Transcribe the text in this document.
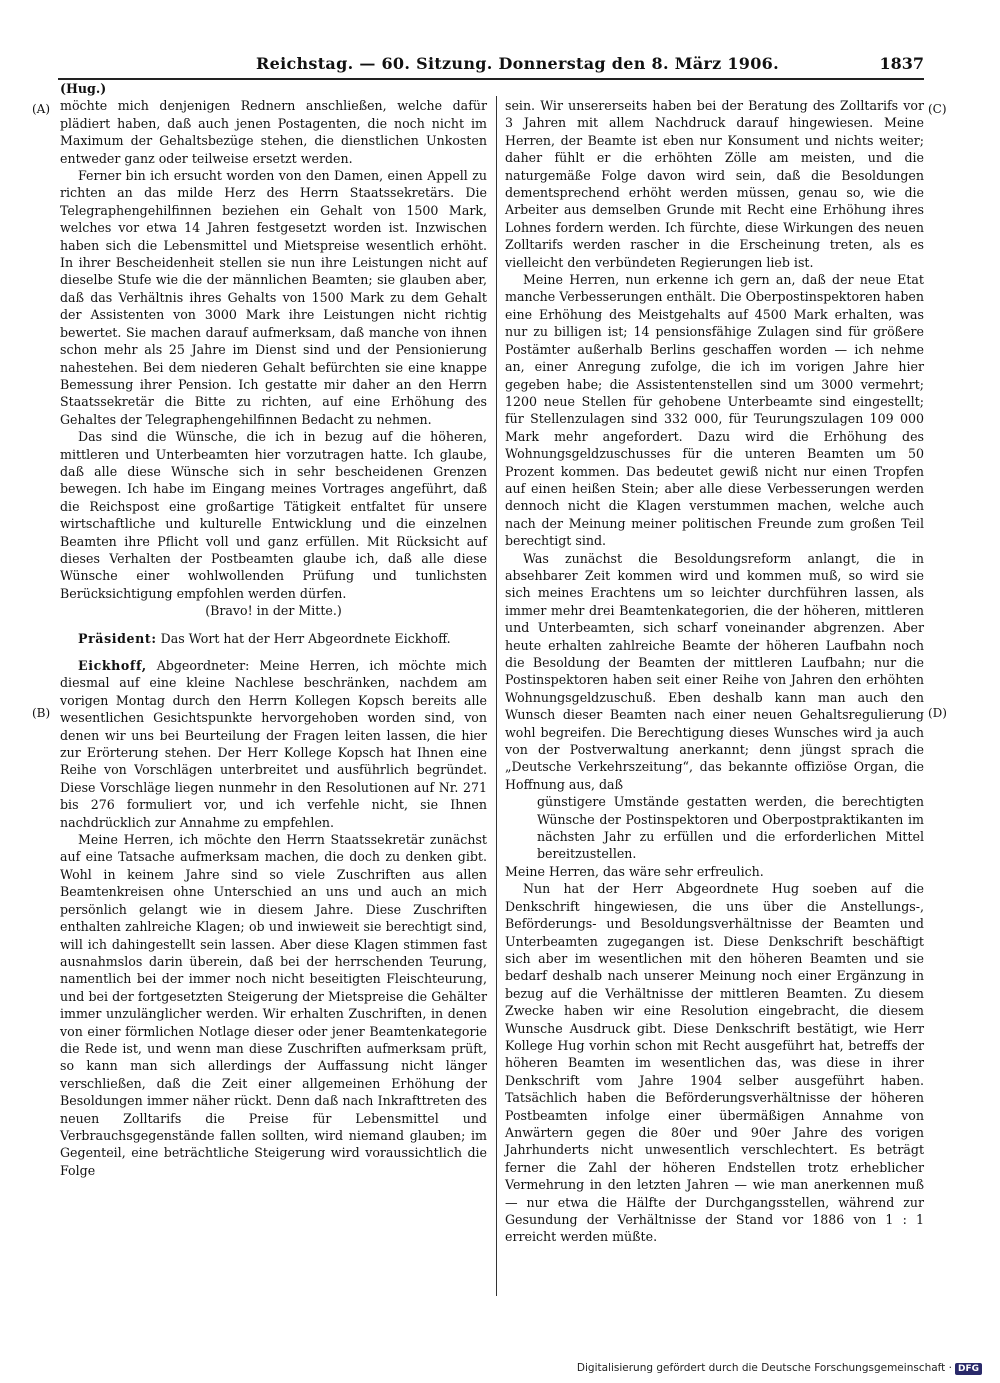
Reichstag. — 60. Sitzung. Donnerstag den 8. März 1906.	1837
(A)
(B)
(C)
(D)

(Hug.)

möchte mich denjenigen Rednern anschließen, welche dafür plädiert haben, daß auch jenen Postagenten, die noch nicht im Maximum der Gehaltsbezüge stehen, die dienstlichen Unkosten entweder ganz oder teilweise ersetzt werden.

Ferner bin ich ersucht worden von den Damen, einen Appell zu richten an das milde Herz des Herrn Staatssekretärs. Die Telegraphengehilfinnen beziehen ein Gehalt von 1500 Mark, welches vor etwa 14 Jahren festgesetzt worden ist. Inzwischen haben sich die Lebensmittel und Mietspreise wesentlich erhöht. In ihrer Bescheidenheit stellen sie nun ihre Leistungen nicht auf dieselbe Stufe wie die der männlichen Beamten; sie glauben aber, daß das Verhältnis ihres Gehalts von 1500 Mark zu dem Gehalt der Assistenten von 3000 Mark ihre Leistungen nicht richtig bewertet. Sie machen darauf aufmerksam, daß manche von ihnen schon mehr als 25 Jahre im Dienst sind und der Pensionierung nahestehen. Bei dem niederen Gehalt befürchten sie eine knappe Bemessung ihrer Pension. Ich gestatte mir daher an den Herrn Staatssekretär die Bitte zu richten, auf eine Erhöhung des Gehaltes der Telegraphengehilfinnen Bedacht zu nehmen.

Das sind die Wünsche, die ich in bezug auf die höheren, mittleren und Unterbeamten hier vorzutragen hatte. Ich glaube, daß alle diese Wünsche sich in sehr bescheidenen Grenzen bewegen. Ich habe im Eingang meines Vortrages angeführt, daß die Reichspost eine großartige Tätigkeit entfaltet für unsere wirtschaftliche und kulturelle Entwicklung und die einzelnen Beamten ihre Pflicht voll und ganz erfüllen. Mit Rücksicht auf dieses Verhalten der Postbeamten glaube ich, daß alle diese Wünsche einer wohlwollenden Prüfung und tunlichsten Berücksichtigung empfohlen werden dürfen.

(Bravo! in der Mitte.)

Präsident: Das Wort hat der Herr Abgeordnete Eickhoff.

Eickhoff, Abgeordneter: Meine Herren, ich möchte mich diesmal auf eine kleine Nachlese beschränken, nachdem am vorigen Montag durch den Herrn Kollegen Kopsch bereits alle wesentlichen Gesichtspunkte hervorgehoben worden sind, von denen wir uns bei Beurteilung der Fragen leiten lassen, die hier zur Erörterung stehen. Der Herr Kollege Kopsch hat Ihnen eine Reihe von Vorschlägen unterbreitet und ausführlich begründet. Diese Vorschläge liegen nunmehr in den Resolutionen auf Nr. 271 bis 276 formuliert vor, und ich verfehle nicht, sie Ihnen nachdrücklich zur Annahme zu empfehlen.

Meine Herren, ich möchte den Herrn Staatssekretär zunächst auf eine Tatsache aufmerksam machen, die doch zu denken gibt. Wohl in keinem Jahre sind so viele Zuschriften aus allen Beamtenkreisen ohne Unterschied an uns und auch an mich persönlich gelangt wie in diesem Jahre. Diese Zuschriften enthalten zahlreiche Klagen; ob und inwieweit sie berechtigt sind, will ich dahingestellt sein lassen. Aber diese Klagen stimmen fast ausnahmslos darin überein, daß bei der herrschenden Teurung, namentlich bei der immer noch nicht beseitigten Fleischteurung, und bei der fortgesetzten Steigerung der Mietspreise die Gehälter immer unzulänglicher werden. Wir erhalten Zuschriften, in denen von einer förmlichen Notlage dieser oder jener Beamtenkategorie die Rede ist, und wenn man diese Zuschriften aufmerksam prüft, so kann man sich allerdings der Auffassung nicht länger verschließen, daß die Zeit einer allgemeinen Erhöhung der Besoldungen immer näher rückt. Denn daß nach Inkrafttreten des neuen Zolltarifs die Preise für Lebensmittel und Verbrauchsgegenstände fallen sollten, wird niemand glauben; im Gegenteil, eine beträchtliche Steigerung wird voraussichtlich die Folge

sein. Wir unsererseits haben bei der Beratung des Zolltarifs vor 3 Jahren mit allem Nachdruck darauf hingewiesen. Meine Herren, der Beamte ist eben nur Konsument und nichts weiter; daher fühlt er die erhöhten Zölle am meisten, und die naturgemäße Folge davon wird sein, daß die Besoldungen dementsprechend erhöht werden müssen, genau so, wie die Arbeiter aus demselben Grunde mit Recht eine Erhöhung ihres Lohnes fordern werden. Ich fürchte, diese Wirkungen des neuen Zolltarifs werden rascher in die Erscheinung treten, als es vielleicht den verbündeten Regierungen lieb ist.

Meine Herren, nun erkenne ich gern an, daß der neue Etat manche Verbesserungen enthält. Die Oberpostinspektoren haben eine Erhöhung des Meistgehalts auf 4500 Mark erhalten, was nur zu billigen ist; 14 pensionsfähige Zulagen sind für größere Postämter außerhalb Berlins geschaffen worden — ich nehme an, einer Anregung zufolge, die ich im vorigen Jahre hier gegeben habe; die Assistentenstellen sind um 3000 vermehrt; 1200 neue Stellen für gehobene Unterbeamte sind eingestellt; für Stellenzulagen sind 332 000, für Teurungszulagen 109 000 Mark mehr angefordert. Dazu wird die Erhöhung des Wohnungsgeldzuschusses für die unteren Beamten um 50 Prozent kommen. Das bedeutet gewiß nicht nur einen Tropfen auf einen heißen Stein; aber alle diese Verbesserungen werden dennoch nicht die Klagen verstummen machen, welche auch nach der Meinung meiner politischen Freunde zum großen Teil berechtigt sind.

Was zunächst die Besoldungsreform anlangt, die in absehbarer Zeit kommen wird und kommen muß, so wird sie sich meines Erachtens um so leichter durchführen lassen, als immer mehr drei Beamtenkategorien, die der höheren, mittleren und Unterbeamten, sich scharf voneinander abgrenzen. Aber heute erhalten zahlreiche Beamte der höheren Laufbahn noch die Besoldung der Beamten der mittleren Laufbahn; nur die Postinspektoren haben seit einer Reihe von Jahren den erhöhten Wohnungsgeldzuschuß. Eben deshalb kann man auch den Wunsch dieser Beamten nach einer neuen Gehaltsregulierung wohl begreifen. Die Berechtigung dieses Wunsches wird ja auch von der Postverwaltung anerkannt; denn jüngst sprach die „Deutsche Verkehrszeitung“, das bekannte offiziöse Organ, die Hoffnung aus, daß

günstigere Umstände gestatten werden, die berechtigten Wünsche der Postinspektoren und Oberpostpraktikanten im nächsten Jahr zu erfüllen und die erforderlichen Mittel bereitzustellen.

Meine Herren, das wäre sehr erfreulich.

Nun hat der Herr Abgeordnete Hug soeben auf die Denkschrift hingewiesen, die uns über die Anstellungs-, Beförderungs- und Besoldungsverhältnisse der Beamten und Unterbeamten zugegangen ist. Diese Denkschrift beschäftigt sich aber im wesentlichen mit den höheren Beamten und sie bedarf deshalb nach unserer Meinung noch einer Ergänzung in bezug auf die Verhältnisse der mittleren Beamten. Zu diesem Zwecke haben wir eine Resolution eingebracht, die diesem Wunsche Ausdruck gibt. Diese Denkschrift bestätigt, wie Herr Kollege Hug vorhin schon mit Recht ausgeführt hat, betreffs der höheren Beamten im wesentlichen das, was diese in ihrer Denkschrift vom Jahre 1904 selber ausgeführt haben. Tatsächlich haben die Beförderungsverhältnisse der höheren Postbeamten infolge einer übermäßigen Annahme von Anwärtern gegen die 80er und 90er Jahre des vorigen Jahrhunderts nicht unwesentlich verschlechtert. Es beträgt ferner die Zahl der höheren Endstellen trotz erheblicher Vermehrung in den letzten Jahren — wie man anerkennen muß — nur etwa die Hälfte der Durchgangsstellen, während zur Gesundung der Verhältnisse der Stand vor 1886 von 1 : 1 erreicht werden müßte.

Digitalisierung gefördert durch die Deutsche Forschungsgemeinschaft · DFG
